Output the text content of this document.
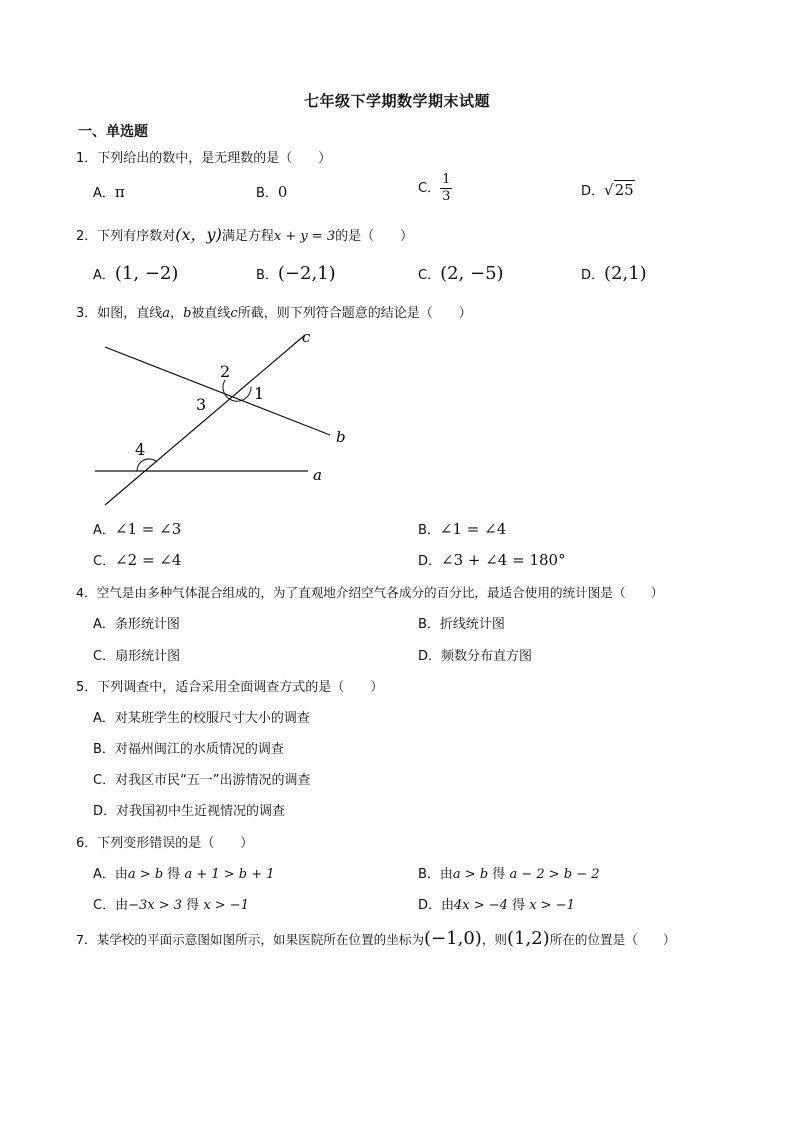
七年级下学期数学期末试题
一、单选题
1．下列给出的数中，是无理数的是（　　）
A．π	B．0	C． $\frac{1}{3}$	D．√25
2．下列有序数对(x，y)满足方程x + y = 3的是（　　）
A．(1, −2)	B．(−2,1)	C．(2, −5)	D．(2,1)
3．如图，直线a，b被直线c所截，则下列符合题意的结论是（　　）
c
b
a
2
1
3
4
A．∠1 = ∠3	B．∠1 = ∠4
C．∠2 = ∠4	D．∠3 + ∠4 = 180°
4．空气是由多种气体混合组成的，为了直观地介绍空气各成分的百分比，最适合使用的统计图是（　　）
A．条形统计图	B．折线统计图
C．扇形统计图	D．频数分布直方图
5．下列调查中，适合采用全面调查方式的是（　　）
A．对某班学生的校服尺寸大小的调查
B．对福州闽江的水质情况的调查
C．对我区市民“五一”出游情况的调查
D．对我国初中生近视情况的调查
6．下列变形错误的是（　　）
A．由a > b 得 a + 1 > b + 1	B．由a > b 得 a − 2 > b − 2
C．由−3x > 3 得 x > −1	D．由4x > −4 得 x > −1
7．某学校的平面示意图如图所示，如果医院所在位置的坐标为(−1,0)，则(1,2)所在的位置是（　　）
